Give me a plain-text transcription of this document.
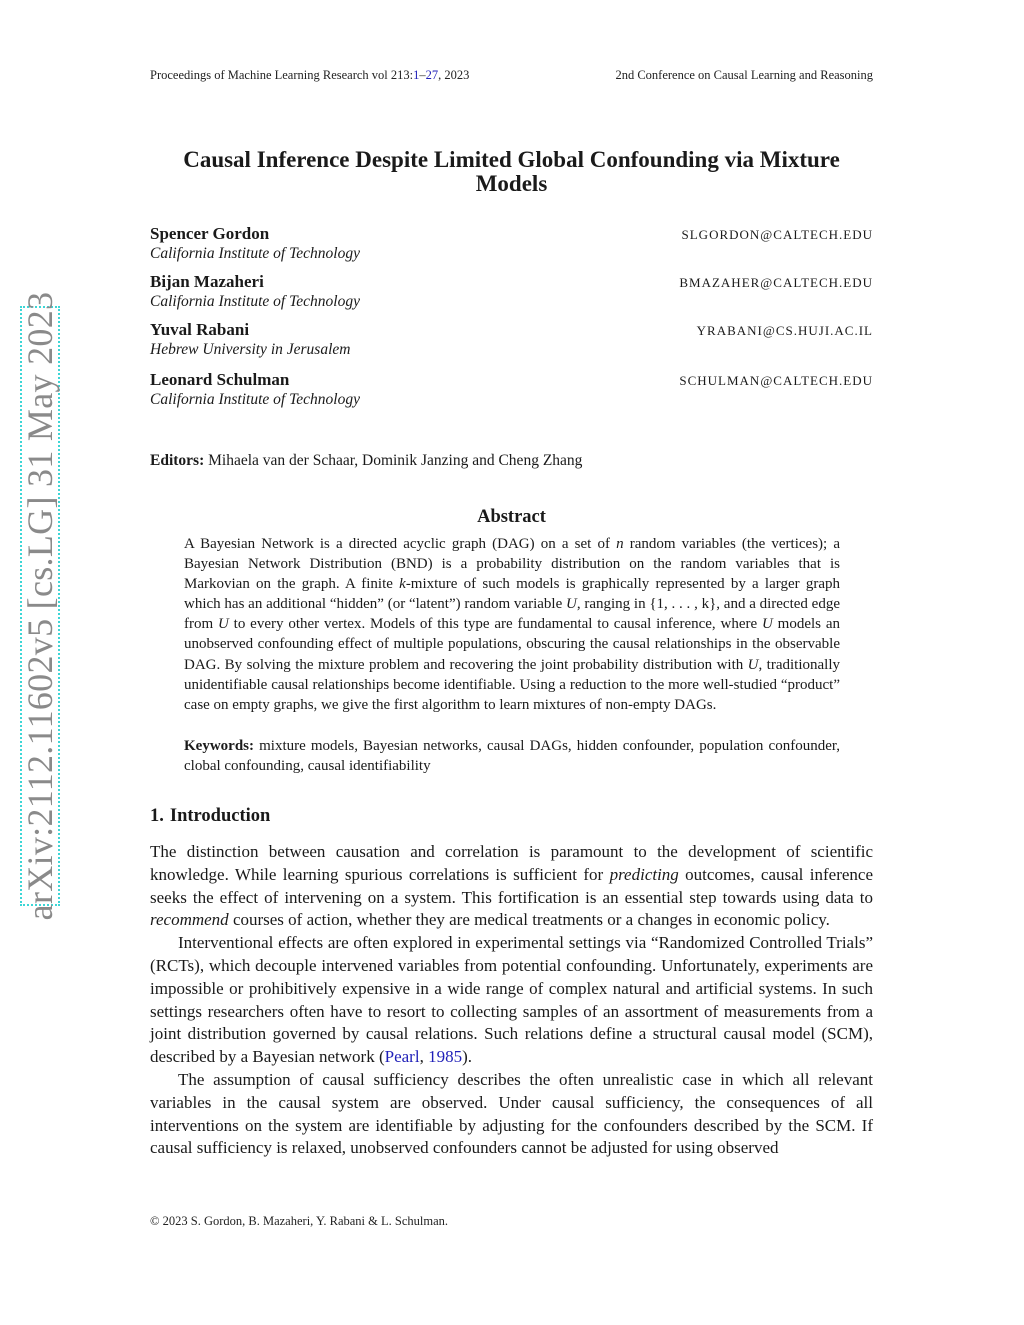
Proceedings of Machine Learning Research vol 213:1–27, 2023	2nd Conference on Causal Learning and Reasoning
arXiv:2112.11602v5 [cs.LG] 31 May 2023
Causal Inference Despite Limited Global Confounding via Mixture Models
Spencer Gordon
California Institute of Technology
SLGORDON@CALTECH.EDU
Bijan Mazaheri
California Institute of Technology
BMAZAHER@CALTECH.EDU
Yuval Rabani
Hebrew University in Jerusalem
YRABANI@CS.HUJI.AC.IL
Leonard Schulman
California Institute of Technology
SCHULMAN@CALTECH.EDU
Editors: Mihaela van der Schaar, Dominik Janzing and Cheng Zhang
Abstract

A Bayesian Network is a directed acyclic graph (DAG) on a set of n random variables (the vertices); a Bayesian Network Distribution (BND) is a probability distribution on the random variables that is Markovian on the graph. A finite k-mixture of such models is graphically represented by a larger graph which has an additional “hidden” (or “latent”) random variable U, ranging in {1, . . . , k}, and a directed edge from U to every other vertex. Models of this type are fundamental to causal inference, where U models an unobserved confounding effect of multiple populations, obscuring the causal relationships in the observable DAG. By solving the mixture problem and recovering the joint probability distribution with U, traditionally unidentifiable causal relationships become identifiable. Using a reduction to the more well-studied “product” case on empty graphs, we give the first algorithm to learn mixtures of non-empty DAGs.

Keywords: mixture models, Bayesian networks, causal DAGs, hidden confounder, population confounder, clobal confounding, causal identifiability

1. Introduction

The distinction between causation and correlation is paramount to the development of scientific knowledge. While learning spurious correlations is sufficient for predicting outcomes, causal inference seeks the effect of intervening on a system. This fortification is an essential step towards using data to recommend courses of action, whether they are medical treatments or a changes in economic policy.

Interventional effects are often explored in experimental settings via “Randomized Controlled Trials” (RCTs), which decouple intervened variables from potential confounding. Unfortunately, experiments are impossible or prohibitively expensive in a wide range of complex natural and artificial systems. In such settings researchers often have to resort to collecting samples of an assortment of measurements from a joint distribution governed by causal relations. Such relations define a structural causal model (SCM), described by a Bayesian network (Pearl, 1985).

The assumption of causal sufficiency describes the often unrealistic case in which all relevant variables in the causal system are observed. Under causal sufficiency, the consequences of all interventions on the system are identifiable by adjusting for the confounders described by the SCM. If causal sufficiency is relaxed, unobserved confounders cannot be adjusted for using observed

© 2023 S. Gordon, B. Mazaheri, Y. Rabani & L. Schulman.
